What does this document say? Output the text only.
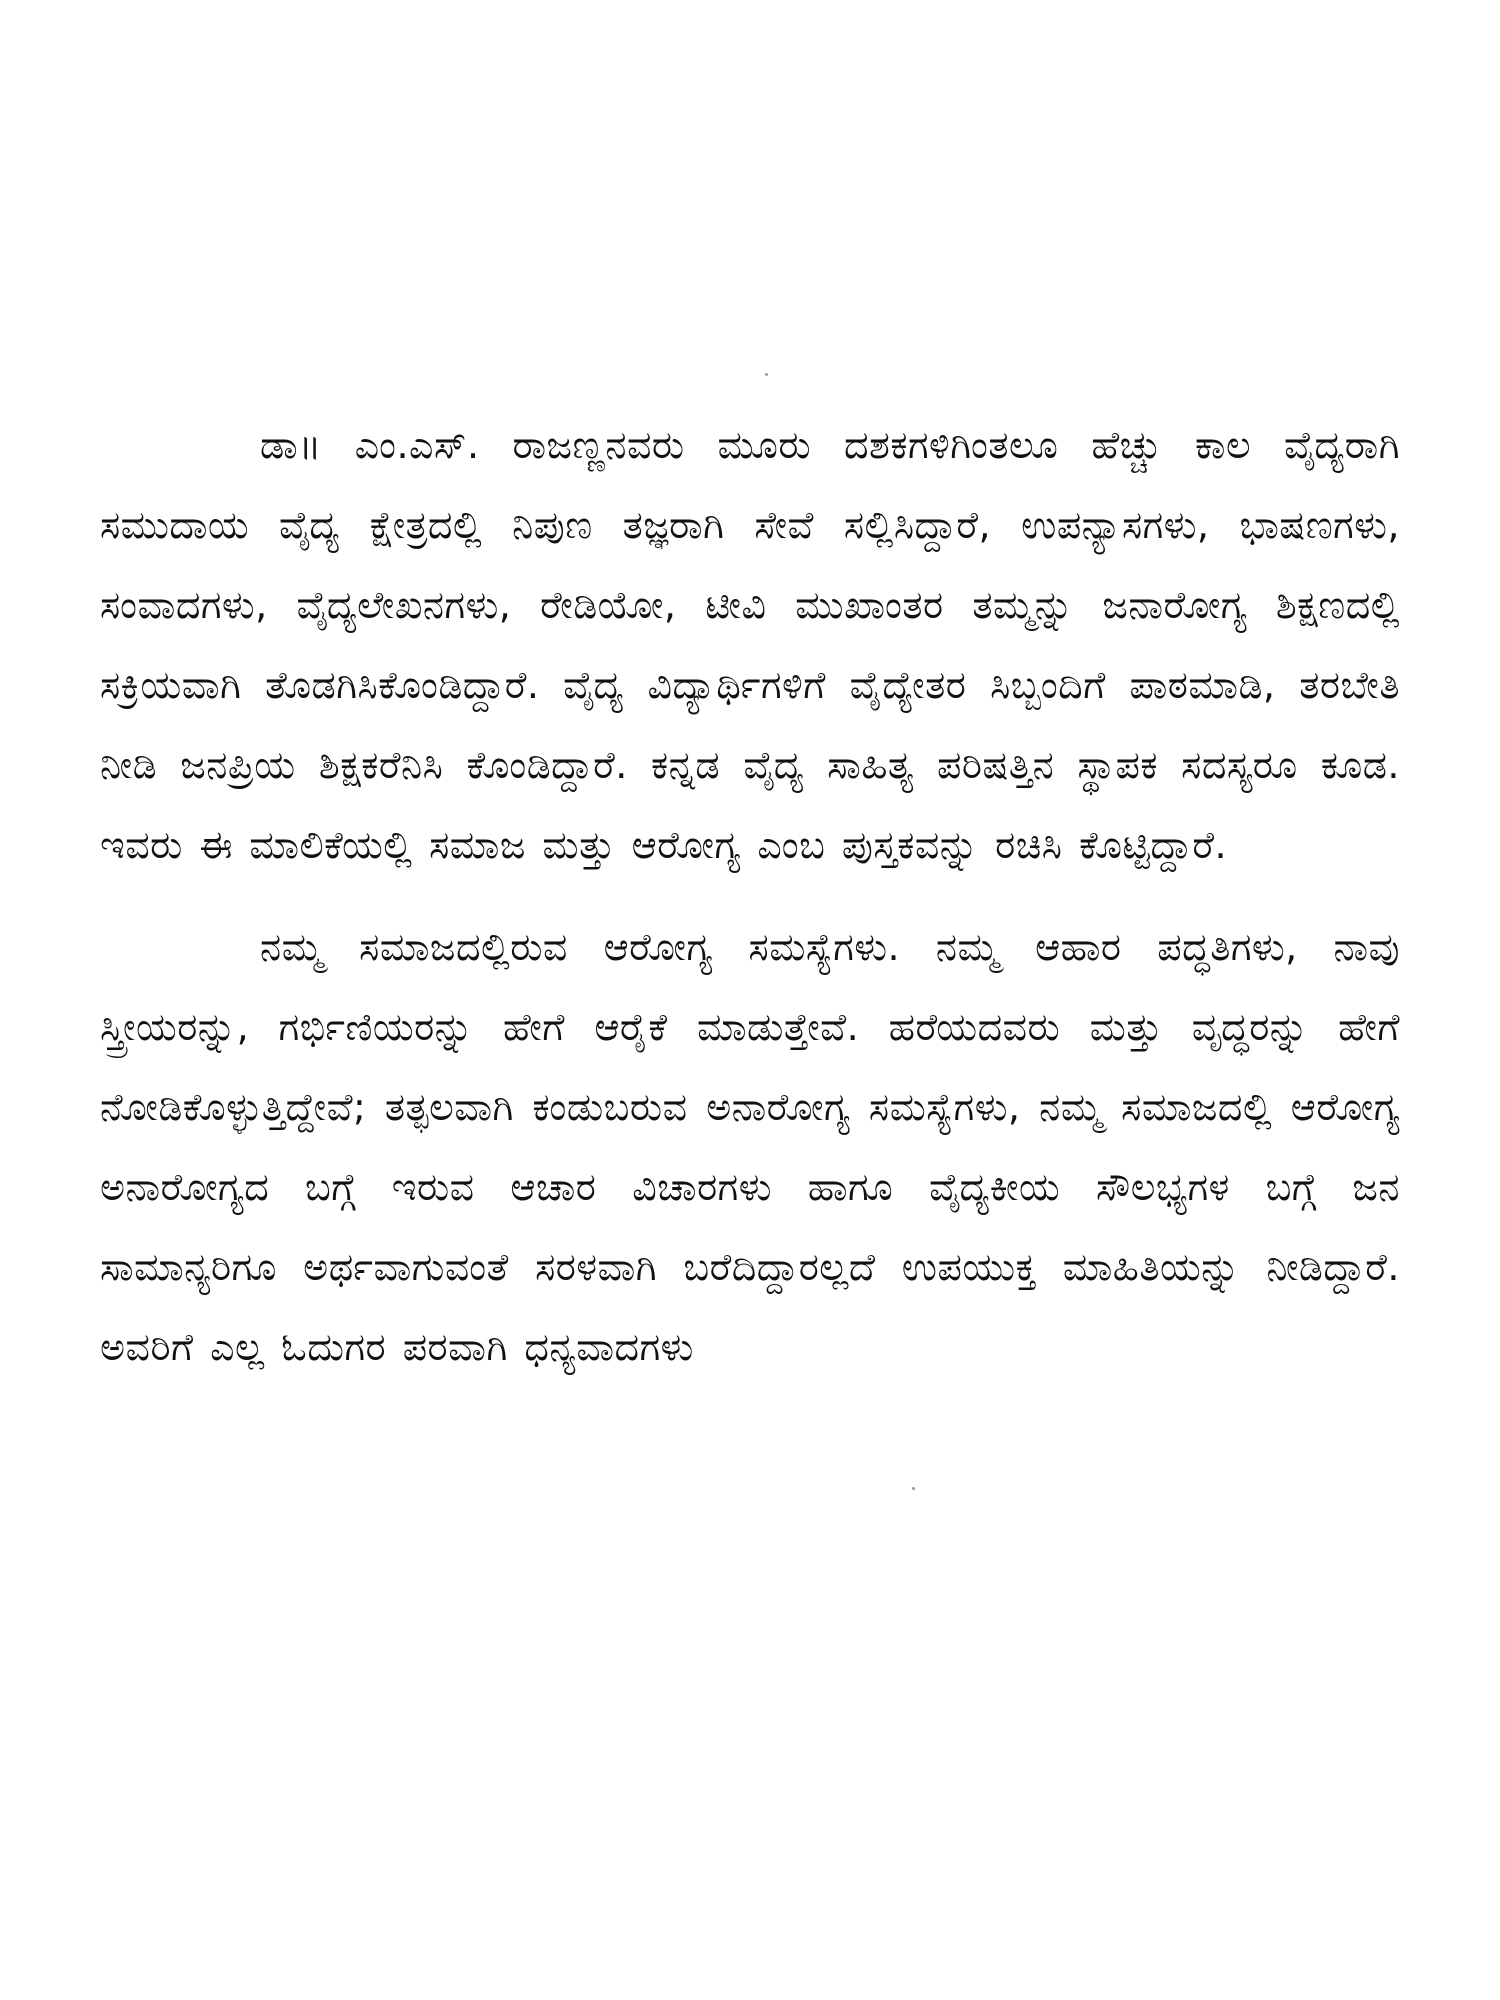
ಡಾ॥ ಎಂ.ಎಸ್. ರಾಜಣ್ಣನವರು ಮೂರು ದಶಕಗಳಿಗಿಂತಲೂ ಹೆಚ್ಚು ಕಾಲ ವೈದ್ಯರಾಗಿ ಸಮುದಾಯ ವೈದ್ಯ ಕ್ಷೇತ್ರದಲ್ಲಿ ನಿಪುಣ ತಜ್ಞರಾಗಿ ಸೇವೆ ಸಲ್ಲಿಸಿದ್ದಾರೆ, ಉಪನ್ಯಾಸಗಳು, ಭಾಷಣಗಳು, ಸಂವಾದಗಳು, ವೈದ್ಯಲೇಖನಗಳು, ರೇಡಿಯೋ, ಟೀವಿ ಮುಖಾಂತರ ತಮ್ಮನ್ನು ಜನಾರೋಗ್ಯ ಶಿಕ್ಷಣದಲ್ಲಿ ಸಕ್ರಿಯವಾಗಿ ತೊಡಗಿಸಿಕೊಂಡಿದ್ದಾರೆ. ವೈದ್ಯ ವಿದ್ಯಾರ್ಥಿಗಳಿಗೆ ವೈದ್ಯೇತರ ಸಿಬ್ಬಂದಿಗೆ ಪಾಠಮಾಡಿ, ತರಬೇತಿ ನೀಡಿ ಜನಪ್ರಿಯ ಶಿಕ್ಷಕರೆನಿಸಿ ಕೊಂಡಿದ್ದಾರೆ. ಕನ್ನಡ ವೈದ್ಯ ಸಾಹಿತ್ಯ ಪರಿಷತ್ತಿನ ಸ್ಥಾಪಕ ಸದಸ್ಯರೂ ಕೂಡ. ಇವರು ಈ ಮಾಲಿಕೆಯಲ್ಲಿ ಸಮಾಜ ಮತ್ತು ಆರೋಗ್ಯ ಎಂಬ ಪುಸ್ತಕವನ್ನು ರಚಿಸಿ ಕೊಟ್ಟಿದ್ದಾರೆ.

ನಮ್ಮ ಸಮಾಜದಲ್ಲಿರುವ ಆರೋಗ್ಯ ಸಮಸ್ಯೆಗಳು. ನಮ್ಮ ಆಹಾರ ಪದ್ಧತಿಗಳು, ನಾವು ಸ್ತ್ರೀಯರನ್ನು, ಗರ್ಭಿಣಿಯರನ್ನು ಹೇಗೆ ಆರೈಕೆ ಮಾಡುತ್ತೇವೆ. ಹರೆಯದವರು ಮತ್ತು ವೃದ್ಧರನ್ನು ಹೇಗೆ ನೋಡಿಕೊಳ್ಳುತ್ತಿದ್ದೇವೆ; ತತ್ಫಲವಾಗಿ ಕಂಡುಬರುವ ಅನಾರೋಗ್ಯ ಸಮಸ್ಯೆಗಳು, ನಮ್ಮ ಸಮಾಜದಲ್ಲಿ ಆರೋಗ್ಯ ಅನಾರೋಗ್ಯದ ಬಗ್ಗೆ ಇರುವ ಆಚಾರ ವಿಚಾರಗಳು ಹಾಗೂ ವೈದ್ಯಕೀಯ ಸೌಲಭ್ಯಗಳ ಬಗ್ಗೆ ಜನ ಸಾಮಾನ್ಯರಿಗೂ ಅರ್ಥವಾಗುವಂತೆ ಸರಳವಾಗಿ ಬರೆದಿದ್ದಾರಲ್ಲದೆ ಉಪಯುಕ್ತ ಮಾಹಿತಿಯನ್ನು ನೀಡಿದ್ದಾರೆ. ಅವರಿಗೆ ಎಲ್ಲ ಓದುಗರ ಪರವಾಗಿ ಧನ್ಯವಾದಗಳು
